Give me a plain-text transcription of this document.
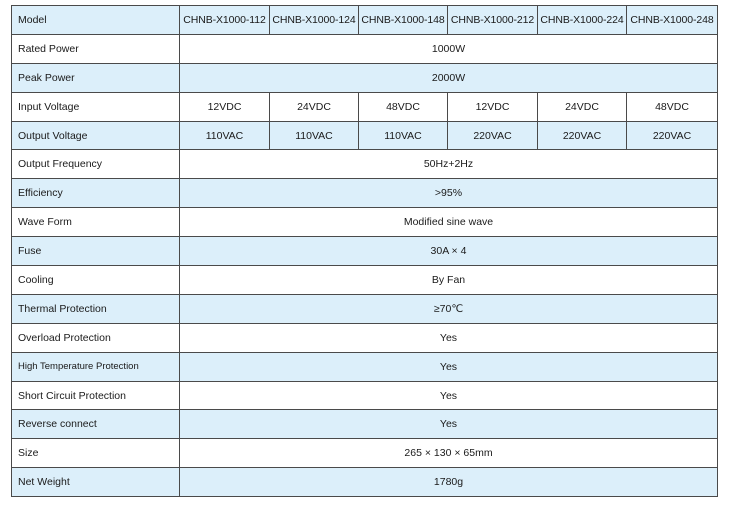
Model	CHNB-X1000-112	CHNB-X1000-124	CHNB-X1000-148	CHNB-X1000-212	CHNB-X1000-224	CHNB-X1000-248
Rated Power	1000W					
Peak Power	2000W					
Input Voltage	12VDC	24VDC	48VDC	12VDC	24VDC	48VDC
Output Voltage	110VAC	110VAC	110VAC	220VAC	220VAC	220VAC
Output Frequency	50Hz+2Hz					
Efficiency	>95%					
Wave Form	Modified sine wave					
Fuse	30A × 4					
Cooling	By Fan					
Thermal Protection	≥70℃					
Overload Protection	Yes					
High Temperature Protection	Yes					
Short Circuit Protection	Yes					
Reverse connect	Yes					
Size	265 × 130 × 65mm					
Net Weight	1780g					
